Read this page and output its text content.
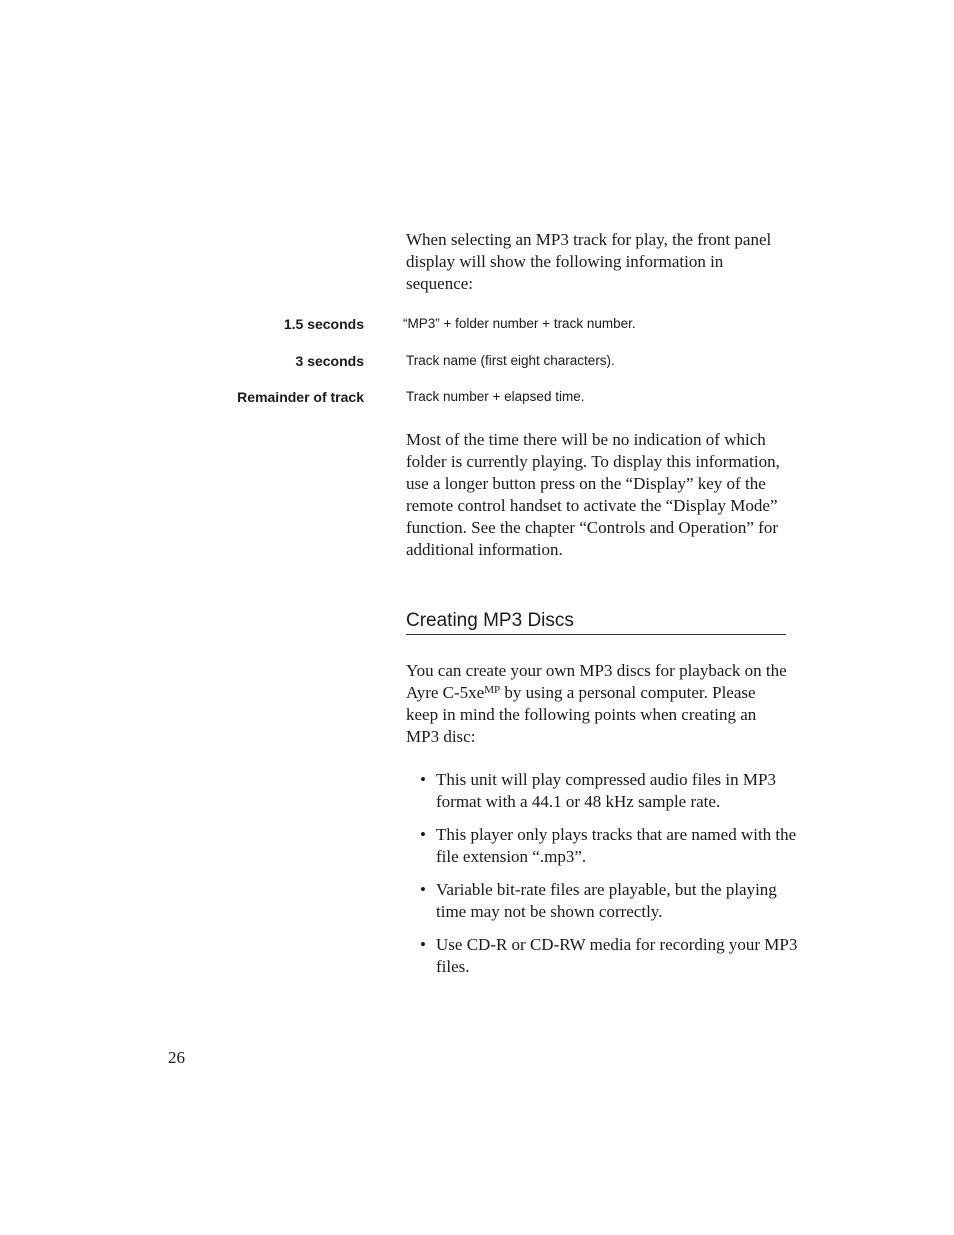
When selecting an MP3 track for play, the front panel display will show the following information in sequence:

1.5 seconds	“MP3” + folder number + track number.
3 seconds	Track name (first eight characters).
Remainder of track	Track number + elapsed time.

Most of the time there will be no indication of which folder is currently playing. To display this information, use a longer button press on the “Display” key of the remote control handset to activate the “Display Mode” function. See the chapter “Controls and Operation” for additional information.

Creating MP3 Discs

You can create your own MP3 discs for playback on the Ayre $C-5xe^{MP}$ by using a personal computer. Please keep in mind the following points when creating an MP3 disc:

• This unit will play compressed audio files in MP3 format with a 44.1 or 48 kHz sample rate.
• This player only plays tracks that are named with the file extension “.mp3”.
• Variable bit-rate files are playable, but the playing time may not be shown correctly.
• Use CD-R or CD-RW media for recording your MP3 files.
26
